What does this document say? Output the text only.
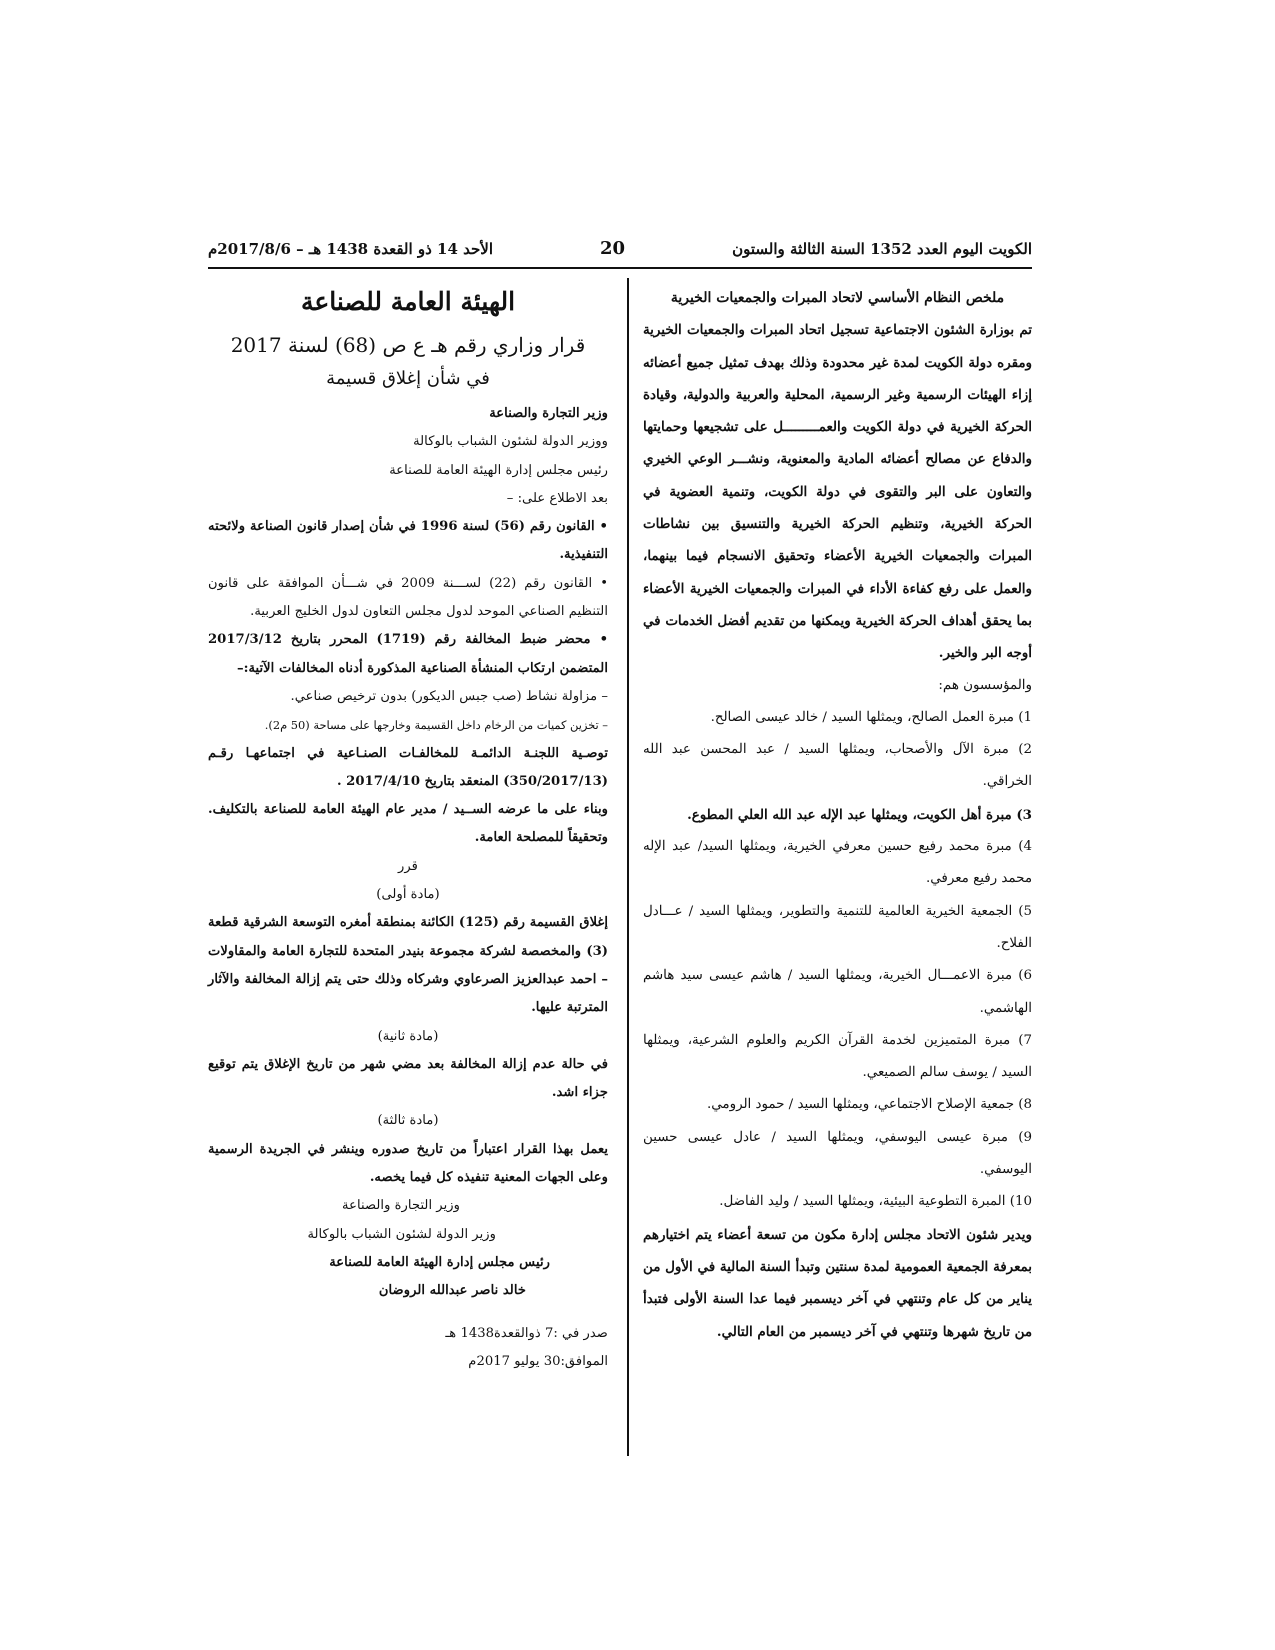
الكويت اليوم العدد 1352 السنة الثالثة والستون
20
الأحد 14 ذو القعدة 1438 هـ – 2017/8/6م

ملخص النظام الأساسي لاتحاد المبرات والجمعيات الخيرية

تم بوزارة الشئون الاجتماعية تسجيل اتحاد المبرات والجمعيات الخيرية ومقره دولة الكويت لمدة غير محدودة وذلك بهدف تمثيل جميع أعضائه إزاء الهيئات الرسمية وغير الرسمية، المحلية والعربية والدولية، وقيادة الحركة الخيرية في دولة الكويت والعمـــــــــل على تشجيعها وحمايتها والدفاع عن مصالح أعضائه المادية والمعنوية، ونشـــر الوعي الخيري والتعاون على البر والتقوى في دولة الكويت، وتنمية العضوية في الحركة الخيرية، وتنظيم الحركة الخيرية والتنسيق بين نشاطات المبرات والجمعيات الخيرية الأعضاء وتحقيق الانسجام فيما بينهما، والعمل على رفع كفاءة الأداء في المبرات والجمعيات الخيرية الأعضاء بما يحقق أهداف الحركة الخيرية ويمكنها من تقديم أفضل الخدمات في أوجه البر والخير.

والمؤسسون هم:

1) مبرة العمل الصالح، ويمثلها السيد / خالد عيسى الصالح.

2) مبرة الآل والأصحاب، ويمثلها السيد / عبد المحسن عبد الله الخراقي.

3) مبرة أهل الكويت، ويمثلها عبد الإله عبد الله العلي المطوع.

4) مبرة محمد رفيع حسين معرفي الخيرية، ويمثلها السيد/ عبد الإله محمد رفيع معرفي.

5) الجمعية الخيرية العالمية للتنمية والتطوير، ويمثلها السيد / عـــادل الفلاح.

6) مبرة الاعمـــال الخيرية، ويمثلها السيد / هاشم عيسى سيد هاشم الهاشمي.

7) مبرة المتميزين لخدمة القرآن الكريم والعلوم الشرعية، ويمثلها السيد / يوسف سالم الصميعي.

8) جمعية الإصلاح الاجتماعي، ويمثلها السيد / حمود الرومي.

9) مبرة عيسى اليوسفي، ويمثلها السيد / عادل عيسى حسين اليوسفي.

10) المبرة التطوعية البيئية، ويمثلها السيد / وليد الفاضل.

ويدير شئون الاتحاد مجلس إدارة مكون من تسعة أعضاء يتم اختيارهم بمعرفة الجمعية العمومية لمدة سنتين وتبدأ السنة المالية في الأول من يناير من كل عام وتنتهي في آخر ديسمبر فيما عدا السنة الأولى فتبدأ من تاريخ شهرها وتنتهي في آخر ديسمبر من العام التالي.

الهيئة العامة للصناعة

قرار وزاري رقم هـ ع ص (68) لسنة 2017

في شأن إغلاق قسيمة

وزير التجارة والصناعة

ووزير الدولة لشئون الشباب بالوكالة

رئيس مجلس إدارة الهيئة العامة للصناعة

بعد الاطلاع على: –

• القانون رقم (56) لسنة 1996 في شأن إصدار قانون الصناعة ولائحته التنفيذية.

• القانون رقم (22) لســـنة 2009 في شـــأن الموافقة على قانون التنظيم الصناعي الموحد لدول مجلس التعاون لدول الخليج العربية.

• محضر ضبط المخالفة رقم (1719) المحرر بتاريخ 2017/3/12 المتضمن ارتكاب المنشأة الصناعية المذكورة أدناه المخالفات الآتية:–

– مزاولة نشاط (صب جبس الديكور) بدون ترخيص صناعي.

– تخزين كميات من الرخام داخل القسيمة وخارجها على مساحة (50 م2).

توصـية اللجنـة الدائمـة للمخالفـات الصنـاعية في اجتماعهـا رقـم (350/2017/13) المنعقد بتاريخ 2017/4/10 .

وبناء على ما عرضه الســيد / مدير عام الهيئة العامة للصناعة بالتكليف. وتحقيقاً للمصلحة العامة.

قرر

(مادة أولى)

إغلاق القسيمة رقم (125) الكائنة بمنطقة أمغره التوسعة الشرقية قطعة (3) والمخصصة لشركة مجموعة بنيدر المتحدة للتجارة العامة والمقاولات – احمد عبدالعزيز الصرعاوي وشركاه وذلك حتى يتم إزالة المخالفة والآثار المترتبة عليها.

(مادة ثانية)

في حالة عدم إزالة المخالفة بعد مضي شهر من تاريخ الإغلاق يتم توقيع جزاء اشد.

(مادة ثالثة)

يعمل بهذا القرار اعتباراً من تاريخ صدوره وينشر في الجريدة الرسمية وعلى الجهات المعنية تنفيذه كل فيما يخصه.

وزير التجارة والصناعة

وزير الدولة لشئون الشباب بالوكالة

رئيس مجلس إدارة الهيئة العامة للصناعة

خالد ناصر عبدالله الروضان

صدر في :7 ذوالقعدة1438 هـ

الموافق:30 يوليو 2017م
